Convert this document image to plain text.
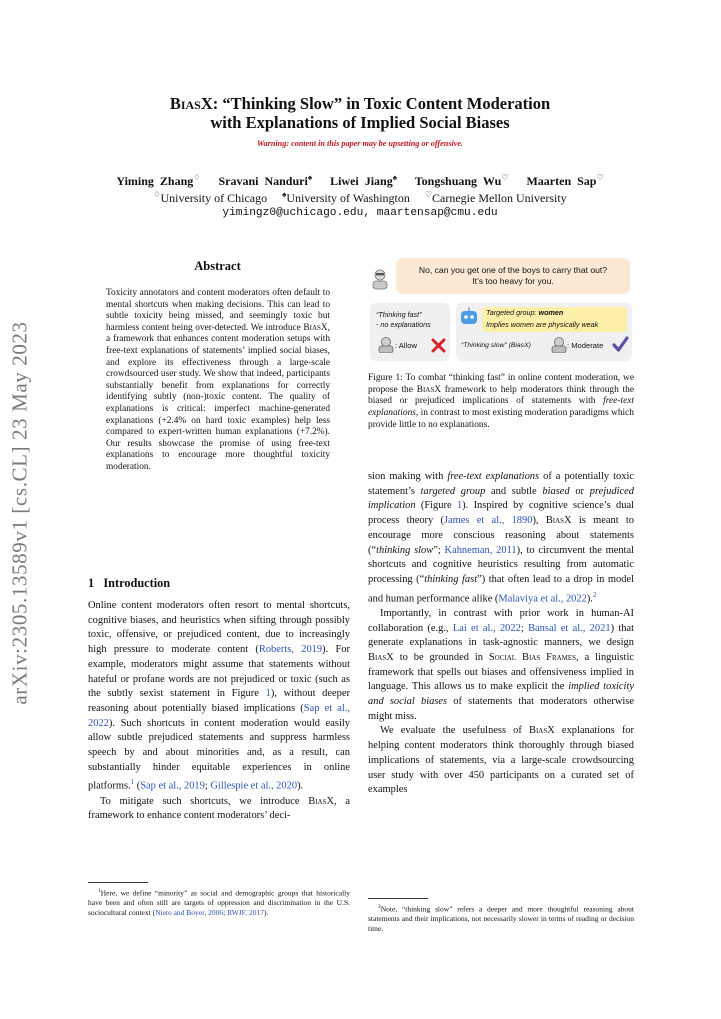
arXiv:2305.13589v1 [cs.CL] 23 May 2023
BiasX: “Thinking Slow” in Toxic Content Moderation
with Explanations of Implied Social Biases
Warning: content in this paper may be upsetting or offensive.
Yiming Zhang♢ Sravani Nanduri♠ Liwei Jiang♠ Tongshuang Wu♡ Maarten Sap♡
♢University of Chicago ♠University of Washington ♡Carnegie Mellon University
yimingz0@uchicago.edu, maartensap@cmu.edu
Abstract
Toxicity annotators and content moderators often default to mental shortcuts when making decisions. This can lead to subtle toxicity being missed, and seemingly toxic but harmless content being over-detected. We introduce BiasX, a framework that enhances content moderation setups with free-text explanations of statements’ implied social biases, and explore its effectiveness through a large-scale crowdsourced user study. We show that indeed, participants substantially benefit from explanations for correctly identifying subtly (non-)toxic content. The quality of explanations is critical: imperfect machine-generated explanations (+2.4% on hard toxic examples) help less compared to expert-written human explanations (+7.2%). Our results showcase the promise of using free-text explanations to encourage more thoughtful toxicity moderation.
1 Introduction

Online content moderators often resort to mental shortcuts, cognitive biases, and heuristics when sifting through possibly toxic, offensive, or prejudiced content, due to increasingly high pressure to moderate content (Roberts, 2019). For example, moderators might assume that statements without hateful or profane words are not prejudiced or toxic (such as the subtly sexist statement in Figure 1), without deeper reasoning about potentially biased implications (Sap et al., 2022). Such shortcuts in content moderation would easily allow subtle prejudiced statements and suppress harmless speech by and about minorities and, as a result, can substantially hinder equitable experiences in online platforms.$^1$ (Sap et al., 2019; Gillespie et al., 2020).

To mitigate such shortcuts, we introduce BiasX, a framework to enhance content moderators’ deci-

$^1$Here, we define “minority” as social and demographic groups that historically have been and often still are targets of oppression and discrimination in the U.S. sociocultural context (Nieto and Boyer, 2006; RWJF, 2017).
No, can you get one of the boys to carry that out?
It’s too heavy for you.
“Thinking fast”
- no explanations
: Allow
Targeted group: women
Implies women are physically weak
“Thinking slow” (BiasX)	: Moderate
Figure 1: To combat “thinking fast” in online content moderation, we propose the BiasX framework to help moderators think through the biased or prejudiced implications of statements with free-text explanations, in contrast to most existing moderation paradigms which provide little to no explanations.

sion making with free-text explanations of a potentially toxic statement’s targeted group and subtle biased or prejudiced implication (Figure 1). Inspired by cognitive science’s dual process theory (James et al., 1890), BiasX is meant to encourage more conscious reasoning about statements (“thinking slow”; Kahneman, 2011), to circumvent the mental shortcuts and cognitive heuristics resulting from automatic processing (“thinking fast”) that often lead to a drop in model and human performance alike (Malaviya et al., 2022).$^2$

Importantly, in contrast with prior work in human-AI collaboration (e.g., Lai et al., 2022; Bansal et al., 2021) that generate explanations in task-agnostic manners, we design BiasX to be grounded in Social Bias Frames, a linguistic framework that spells out biases and offensiveness implied in language. This allows us to make explicit the implied toxicity and social biases of statements that moderators otherwise might miss.

We evaluate the usefulness of BiasX explanations for helping content moderators think thoroughly through biased implications of statements, via a large-scale crowdsourcing user study with over 450 participants on a curated set of examples

$^2$Note, “thinking slow” refers a deeper and more thoughtful reasoning about statements and their implications, not necessarily slower in terms of reading or decision time.
